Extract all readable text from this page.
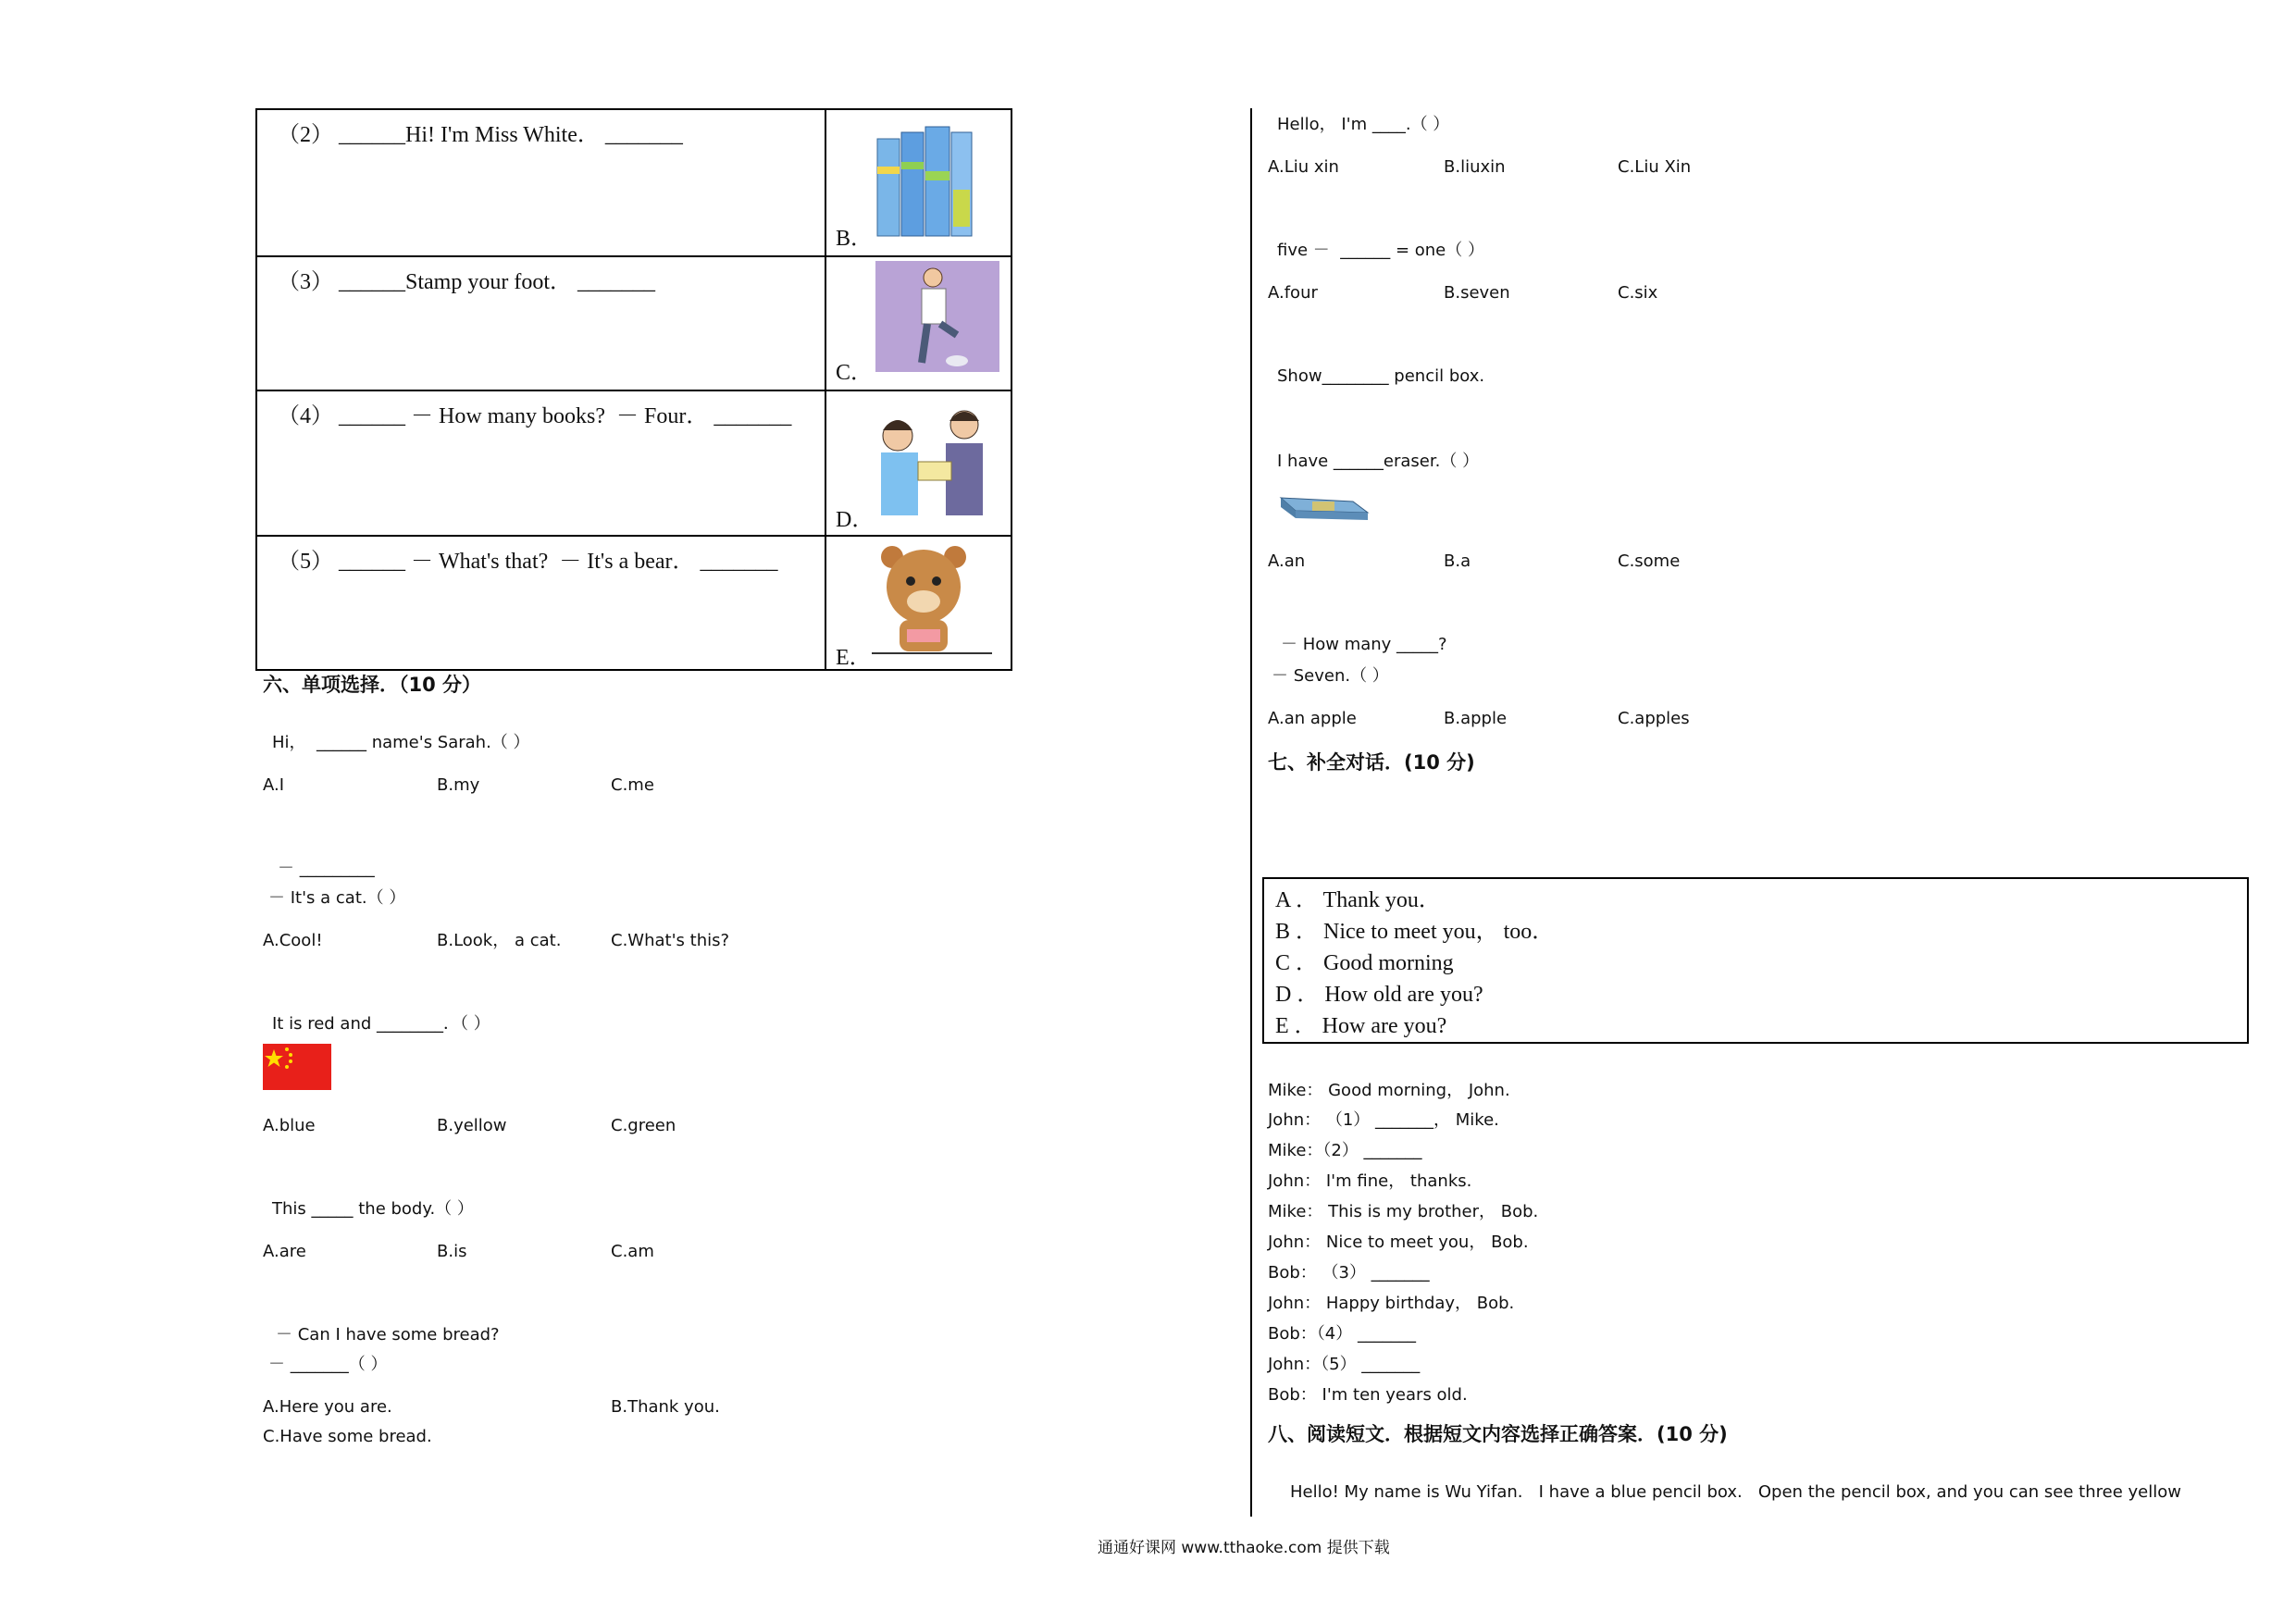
（2） ______Hi! I'm Miss White． _______
B．
（3） ______Stamp your foot． _______
C．
（4） ______ － How many books?  － Four． _______
D．
（5） ______ － What's that?  － It's a bear． _______
E．
六、单项选择．（10 分）
Hi，  ______ name's Sarah.（ ）
A.I	B.my	C.me
－ _________
－ It's a cat.（ ）
A.Cool!	B.Look， a cat.	C.What's this?
It is red and ________．（ ）
A.blue	B.yellow	C.green
This _____ the body.（ ）
A.are	B.is	C.am
－ Can I have some bread?
－ _______（ ）
A.Here you are.	B.Thank you.
C.Have some bread.
Hello， I'm ____.（ ）
A.Liu xin	B.liuxin	C.Liu Xin
five －  ______ = one（ ）
A.four	B.seven	C.six
Show________ pencil box.
I have ______eraser.（ ）
A.an	B.a	C.some
－ How many _____?
－ Seven.（ ）
A.an apple	B.apple	C.apples
七、补全对话．(10 分)
A ． Thank you．
B ． Nice to meet you， too．
C ． Good morning
D ． How old are you?
E ． How are you?
Mike： Good morning， John.
John： （1） _______， Mike.
Mike：（2） _______
John： I'm fine， thanks.
Mike： This is my brother， Bob.
John： Nice to meet you， Bob.
Bob： （3） _______
John： Happy birthday， Bob.
Bob：（4） _______
John：（5） _______
Bob： I'm ten years old.
八、阅读短文．根据短文内容选择正确答案．(10 分)
Hello! My name is Wu Yifan.   I have a blue pencil box.   Open the pencil box, and you can see three yellow
通通好课网 www.tthaoke.com 提供下载
